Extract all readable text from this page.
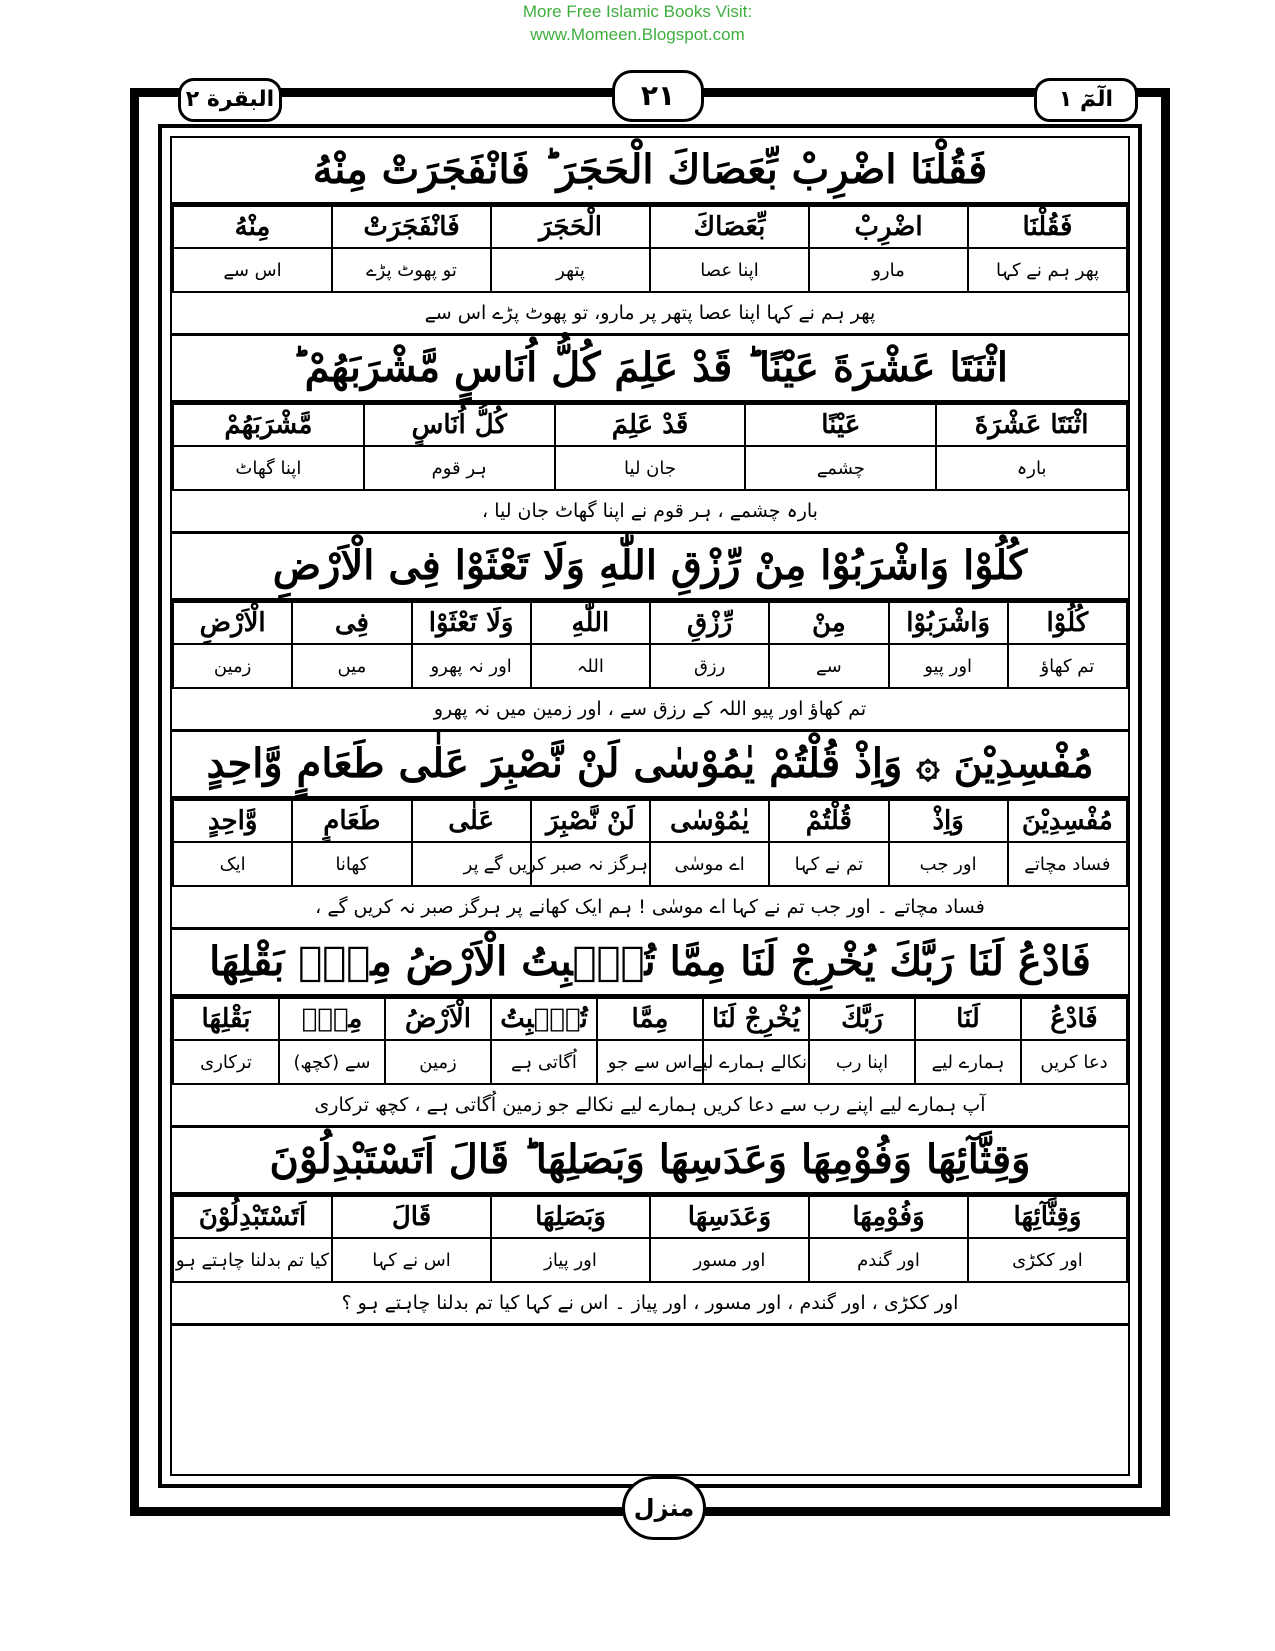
More Free Islamic Books Visit:
www.Momeen.Blogspot.com
البقرة ٢	٢١	الٓمٓ ١
فَقُلْنَا اضْرِبْ بِّعَصَاكَ الْحَجَرَ ؕ فَانْفَجَرَتْ مِنْهُ
فَقُلْنَا	اضْرِبْ	بِّعَصَاكَ	الْحَجَرَ	فَانْفَجَرَتْ	مِنْهُ
پھر ہم نے کہا	مارو	اپنا عصا	پتھر	تو پھوٹ پڑے	اس سے
پھر ہم نے کہا اپنا عصا پتھر پر مارو، تو پھوٹ پڑے اس سے
اثْنَتَا عَشْرَةَ عَيْنًا ؕ قَدْ عَلِمَ كُلُّ اُنَاسٍ مَّشْرَبَهُمْ ؕ
اثْنَتَا عَشْرَةَ	عَيْنًا	قَدْ عَلِمَ	كُلُّ اُنَاسٍ	مَّشْرَبَهُمْ
بارہ	چشمے	جان لیا	ہر قوم	اپنا گھاٹ
بارہ چشمے ، ہر قوم نے اپنا گھاٹ جان لیا ،
كُلُوْا وَاشْرَبُوْا مِنْ رِّزْقِ اللّٰهِ وَلَا تَعْثَوْا فِى الْاَرْضِ
كُلُوْا	وَاشْرَبُوْا	مِنْ	رِّزْقِ	اللّٰهِ	وَلَا تَعْثَوْا	فِى	الْاَرْضِ
تم کھاؤ	اور پیو	سے	رزق	اللہ	اور نہ پھرو	میں	زمین
تم کھاؤ اور پیو اللہ کے رزق سے ، اور زمین میں نہ پھرو
مُفْسِدِيْنَ ۞ وَاِذْ قُلْتُمْ يٰمُوْسٰى لَنْ نَّصْبِرَ عَلٰى طَعَامٍ وَّاحِدٍ
مُفْسِدِيْنَ	وَاِذْ	قُلْتُمْ	يٰمُوْسٰى	لَنْ نَّصْبِرَ	عَلٰى	طَعَامٍ	وَّاحِدٍ
فساد مچاتے	اور جب	تم نے کہا	اے موسٰی	ہرگز نہ صبر کریں گے	پر	کھانا	ایک
فساد مچاتے ۔ اور جب تم نے کہا اے موسٰی ! ہم ایک کھانے پر ہرگز صبر نہ کریں گے ،
فَادْعُ لَنَا رَبَّكَ يُخْرِجْ لَنَا مِمَّا تُنْۢبِتُ الْاَرْضُ مِنْۢ بَقْلِهَا
فَادْعُ	لَنَا	رَبَّكَ	يُخْرِجْ لَنَا	مِمَّا	تُنْۢبِتُ	الْاَرْضُ	مِنْۢ	بَقْلِهَا
دعا کریں	ہمارے لیے	اپنا رب	نکالے ہمارے لیے	اس سے جو	اُگاتی ہے	زمین	سے (کچھ)	ترکاری
آپ ہمارے لیے اپنے رب سے دعا کریں ہمارے لیے نکالے جو زمین اُگاتی ہے ، کچھ ترکاری
وَقِثَّآئِهَا وَفُوْمِهَا وَعَدَسِهَا وَبَصَلِهَا ؕ قَالَ اَتَسْتَبْدِلُوْنَ
وَقِثَّآئِهَا	وَفُوْمِهَا	وَعَدَسِهَا	وَبَصَلِهَا	قَالَ	اَتَسْتَبْدِلُوْنَ
اور ککڑی	اور گندم	اور مسور	اور پیاز	اس نے کہا	کیا تم بدلنا چاہتے ہو
اور ککڑی ، اور گندم ، اور مسور ، اور پیاز ۔ اس نے کہا کیا تم بدلنا چاہتے ہو ؟
منزل
